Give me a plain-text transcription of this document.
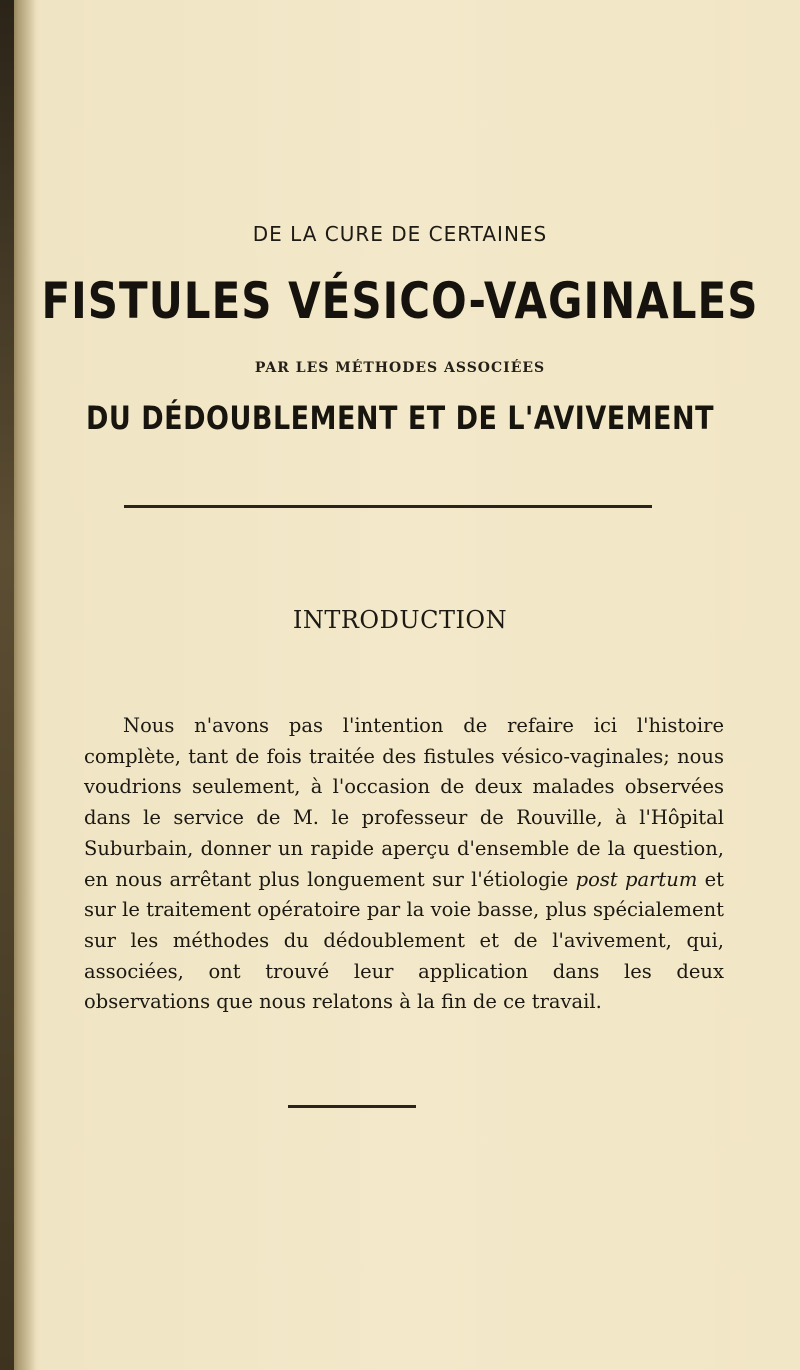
DE LA CURE DE CERTAINES
FISTULES VÉSICO-VAGINALES
PAR LES MÉTHODES ASSOCIÉES
DU DÉDOUBLEMENT ET DE L'AVIVEMENT
INTRODUCTION

Nous n'avons pas l'intention de refaire ici l'histoire complète, tant de fois traitée des fistules vésico-vaginales; nous voudrions seulement, à l'occasion de deux malades observées dans le service de M. le professeur de Rouville, à l'Hôpital Suburbain, donner un rapide aperçu d'ensemble de la question, en nous arrêtant plus longuement sur l'étiologie post partum et sur le traitement opératoire par la voie basse, plus spécialement sur les méthodes du dédoublement et de l'avivement, qui, associées, ont trouvé leur application dans les deux observations que nous relatons à la fin de ce travail.
